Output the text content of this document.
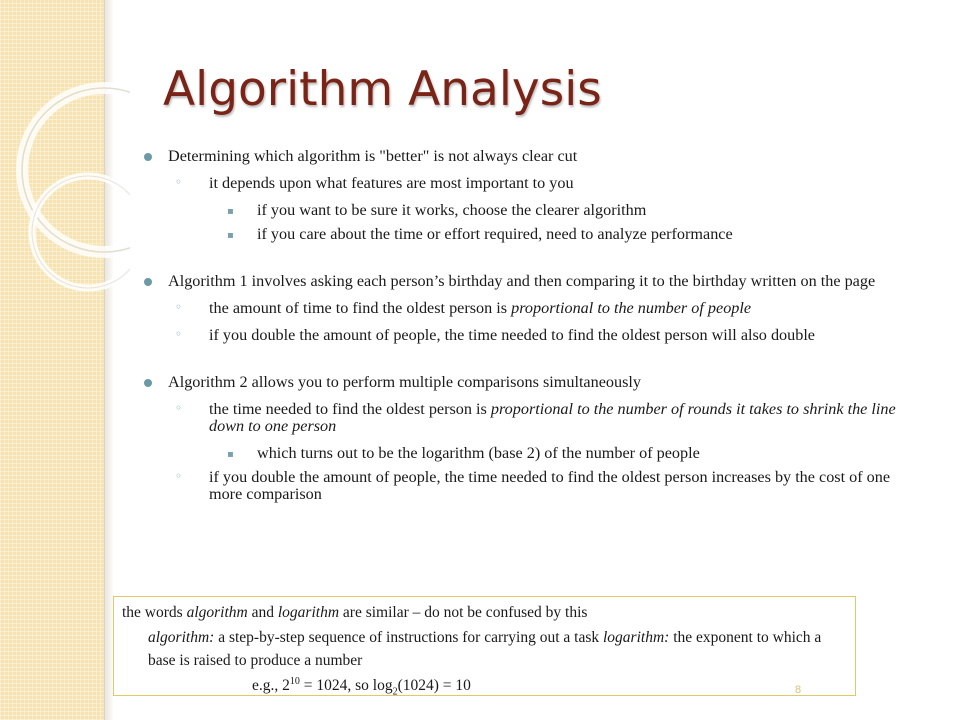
Algorithm Analysis
Determining which algorithm is "better" is not always clear cut
◦ it depends upon what features are most important to you
▪ if you want to be sure it works, choose the clearer algorithm
▪ if you care about the time or effort required, need to analyze performance
Algorithm 1 involves asking each person’s birthday and then comparing it to the birthday written on the page
◦ the amount of time to find the oldest person is proportional to the number of people
◦ if you double the amount of people, the time needed to find the oldest person will also double
Algorithm 2 allows you to perform multiple comparisons simultaneously
◦ the time needed to find the oldest person is proportional to the number of rounds it takes to shrink the line down to one person
▪ which turns out to be the logarithm (base 2) of the number of people
◦ if you double the amount of people, the time needed to find the oldest person increases by the cost of one more comparison
the words algorithm and logarithm are similar – do not be confused by this
algorithm: a step-by-step sequence of instructions for carrying out a task logarithm: the exponent to which a base is raised to produce a number
e.g., $2^{10} = 1024$, so $\log_2(1024) = 10$	8
